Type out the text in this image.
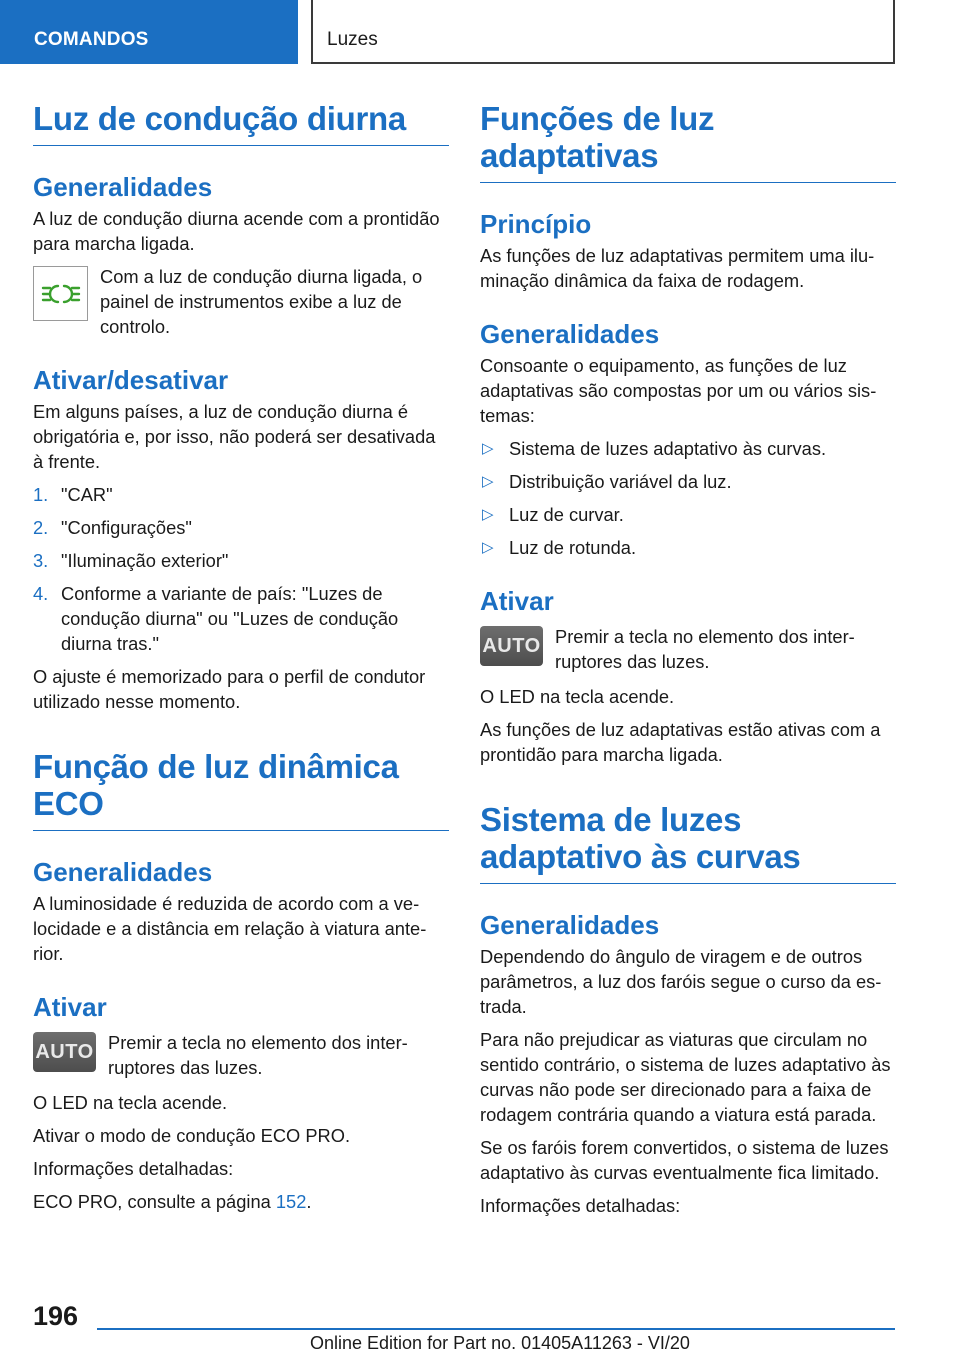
COMANDOS	Luzes
Luz de condução diurna
Generalidades

A luz de condução diurna acende com a prontidão para marcha ligada.

Com a luz de condução diurna ligada, o painel de instrumentos exibe a luz de controlo.

Ativar/desativar

Em alguns países, a luz de condução diurna é obrigatória e, por isso, não poderá ser desativada à frente.

1. "CAR"
2. "Configurações"
3. "Iluminação exterior"
4. Conforme a variante de país: "Luzes de condução diurna" ou "Luzes de condução diurna tras."

O ajuste é memorizado para o perfil de condutor utilizado nesse momento.

Função de luz dinâmica ECO
Generalidades

A luminosidade é reduzida de acordo com a velocidade e a distância em relação à viatura anterior.

Ativar
AUTO Premir a tecla no elemento dos interruptores das luzes.

O LED na tecla acende.

Ativar o modo de condução ECO PRO.

Informações detalhadas:

ECO PRO, consulte a página 152.

Funções de luz adaptativas
Princípio

As funções de luz adaptativas permitem uma iluminação dinâmica da faixa de rodagem.

Generalidades

Consoante o equipamento, as funções de luz adaptativas são compostas por um ou vários sistemas:

▷ Sistema de luzes adaptativo às curvas.
▷ Distribuição variável da luz.
▷ Luz de curvar.
▷ Luz de rotunda.
Ativar
AUTO Premir a tecla no elemento dos interruptores das luzes.

O LED na tecla acende.

As funções de luz adaptativas estão ativas com a prontidão para marcha ligada.

Sistema de luzes adaptativo às curvas
Generalidades

Dependendo do ângulo de viragem e de outros parâmetros, a luz dos faróis segue o curso da estrada.

Para não prejudicar as viaturas que circulam no sentido contrário, o sistema de luzes adaptativo às curvas não pode ser direcionado para a faixa de rodagem contrária quando a viatura está parada.

Se os faróis forem convertidos, o sistema de luzes adaptativo às curvas eventualmente fica limitado.

Informações detalhadas:

196
Online Edition for Part no. 01405A11263 - VI/20
